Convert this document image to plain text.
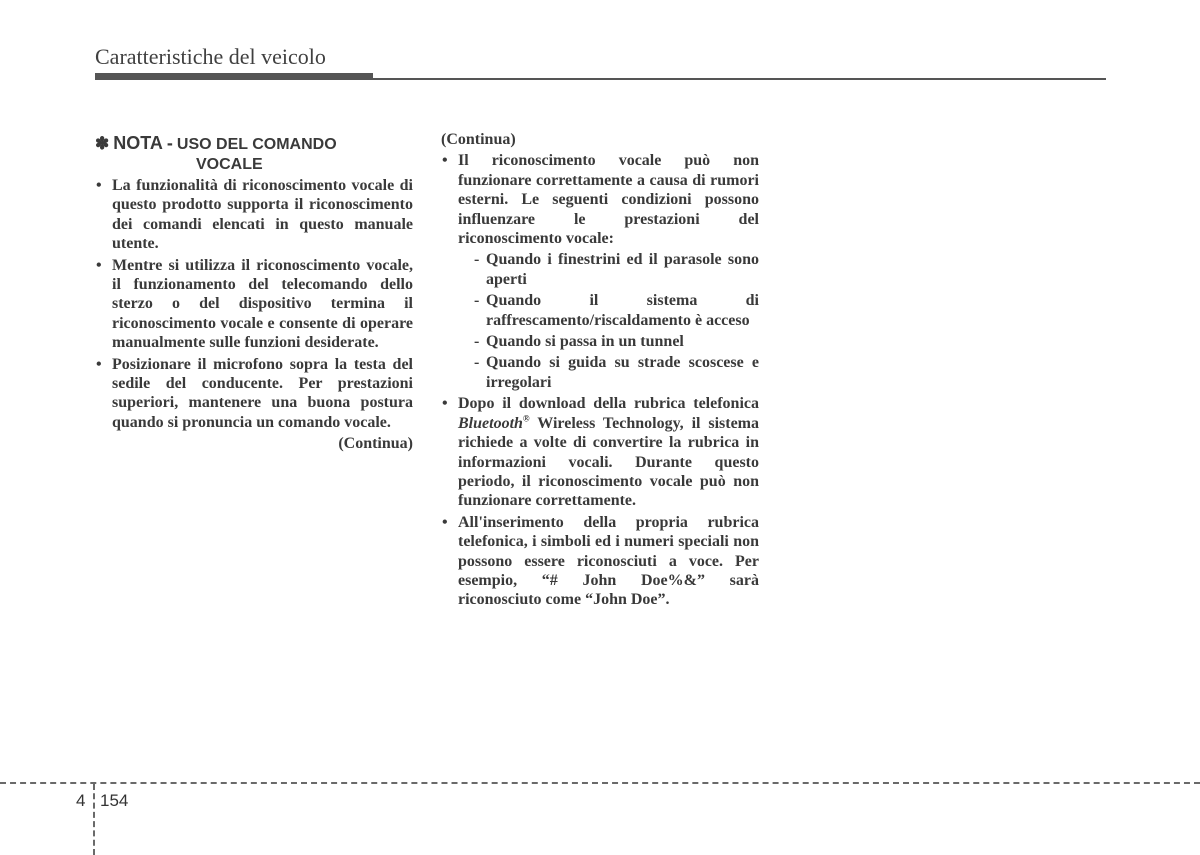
Caratteristiche del veicolo
✽ NOTA - USO DEL COMANDO
VOCALE
• La funzionalità di riconoscimento vocale di questo prodotto supporta il riconoscimento dei comandi elencati in questo manuale utente.
• Mentre si utilizza il riconoscimento vocale, il funzionamento del telecomando dello sterzo o del dispositivo termina il riconoscimento vocale e consente di operare manualmente sulle funzioni desiderate.
• Posizionare il microfono sopra la testa del sedile del conducente. Per prestazioni superiori, mantenere una buona postura quando si pronuncia un comando vocale.
(Continua)
(Continua)
• Il riconoscimento vocale può non funzionare correttamente a causa di rumori esterni. Le seguenti condizioni possono influenzare le prestazioni del riconoscimento vocale:
- Quando i finestrini ed il parasole sono aperti
- Quando il sistema di raffrescamento/riscaldamento è acceso
- Quando si passa in un tunnel
- Quando si guida su strade scoscese e irregolari
• Dopo il download della rubrica telefonica Bluetooth® Wireless Technology, il sistema richiede a volte di convertire la rubrica in informazioni vocali. Durante questo periodo, il riconoscimento vocale può non funzionare correttamente.
• All'inserimento della propria rubrica telefonica, i simboli ed i numeri speciali non possono essere riconosciuti a voce. Per esempio, “# John Doe%&” sarà riconosciuto come “John Doe”.
4 154
